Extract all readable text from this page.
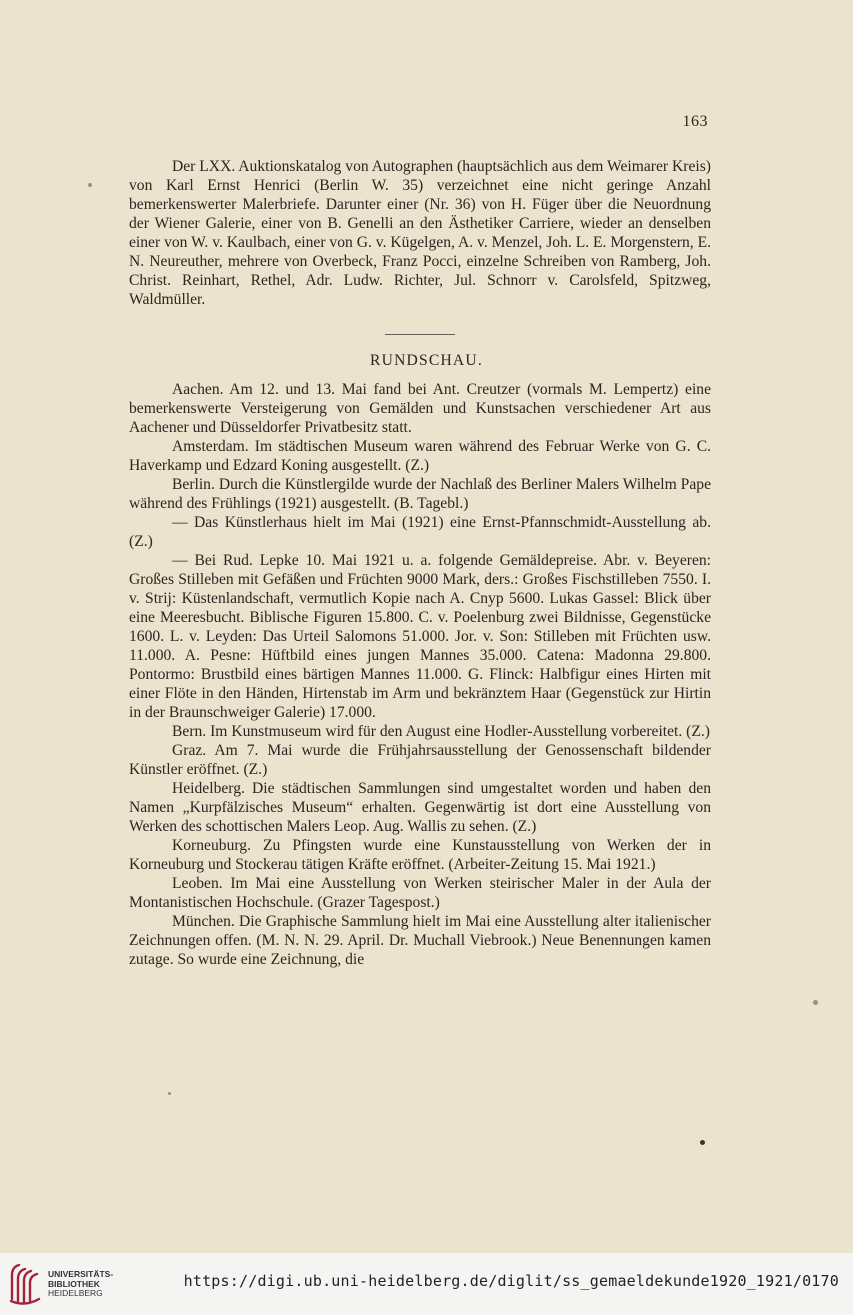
163

Der LXX. Auktionskatalog von Autographen (hauptsächlich aus dem Weimarer Kreis) von Karl Ernst Henrici (Berlin W. 35) verzeichnet eine nicht geringe Anzahl bemerkenswerter Malerbriefe. Darunter einer (Nr. 36) von H. Füger über die Neuordnung der Wiener Galerie, einer von B. Genelli an den Ästhetiker Carriere, wieder an denselben einer von W. v. Kaulbach, einer von G. v. Kügelgen, A. v. Menzel, Joh. L. E. Morgenstern, E. N. Neureuther, mehrere von Overbeck, Franz Pocci, einzelne Schreiben von Ramberg, Joh. Christ. Reinhart, Rethel, Adr. Ludw. Richter, Jul. Schnorr v. Carolsfeld, Spitzweg, Waldmüller.

RUNDSCHAU.

Aachen. Am 12. und 13. Mai fand bei Ant. Creutzer (vormals M. Lempertz) eine bemerkenswerte Versteigerung von Gemälden und Kunstsachen verschiedener Art aus Aachener und Düsseldorfer Privatbesitz statt.

Amsterdam. Im städtischen Museum waren während des Februar Werke von G. C. Haverkamp und Edzard Koning ausgestellt. (Z.)

Berlin. Durch die Künstlergilde wurde der Nachlaß des Berliner Malers Wilhelm Pape während des Frühlings (1921) ausgestellt. (B. Tagebl.)

— Das Künstlerhaus hielt im Mai (1921) eine Ernst-Pfannschmidt-Ausstellung ab. (Z.)

— Bei Rud. Lepke 10. Mai 1921 u. a. folgende Gemäldepreise. Abr. v. Beyeren: Großes Stilleben mit Gefäßen und Früchten 9000 Mark, ders.: Großes Fischstilleben 7550. I. v. Strij: Küstenlandschaft, vermutlich Kopie nach A. Cnyp 5600. Lukas Gassel: Blick über eine Meeresbucht. Biblische Figuren 15.800. C. v. Poelenburg zwei Bildnisse, Gegenstücke 1600. L. v. Leyden: Das Urteil Salomons 51.000. Jor. v. Son: Stilleben mit Früchten usw. 11.000. A. Pesne: Hüftbild eines jungen Mannes 35.000. Catena: Madonna 29.800. Pontormo: Brustbild eines bärtigen Mannes 11.000. G. Flinck: Halbfigur eines Hirten mit einer Flöte in den Händen, Hirtenstab im Arm und bekränztem Haar (Gegenstück zur Hirtin in der Braunschweiger Galerie) 17.000.

Bern. Im Kunstmuseum wird für den August eine Hodler-Ausstellung vorbereitet. (Z.)

Graz. Am 7. Mai wurde die Frühjahrsausstellung der Genossenschaft bildender Künstler eröffnet. (Z.)

Heidelberg. Die städtischen Sammlungen sind umgestaltet worden und haben den Namen „Kurpfälzisches Museum“ erhalten. Gegenwärtig ist dort eine Ausstellung von Werken des schottischen Malers Leop. Aug. Wallis zu sehen. (Z.)

Korneuburg. Zu Pfingsten wurde eine Kunstausstellung von Werken der in Korneuburg und Stockerau tätigen Kräfte eröffnet. (Arbeiter-Zeitung 15. Mai 1921.)

Leoben. Im Mai eine Ausstellung von Werken steirischer Maler in der Aula der Montanistischen Hochschule. (Grazer Tagespost.)

München. Die Graphische Sammlung hielt im Mai eine Ausstellung alter italienischer Zeichnungen offen. (M. N. N. 29. April. Dr. Muchall Viebrook.) Neue Benennungen kamen zutage. So wurde eine Zeichnung, die

UNIVERSITÄTS-
BIBLIOTHEK
HEIDELBERG
https://digi.ub.uni-heidelberg.de/diglit/ss_gemaeldekunde1920_1921/0170
